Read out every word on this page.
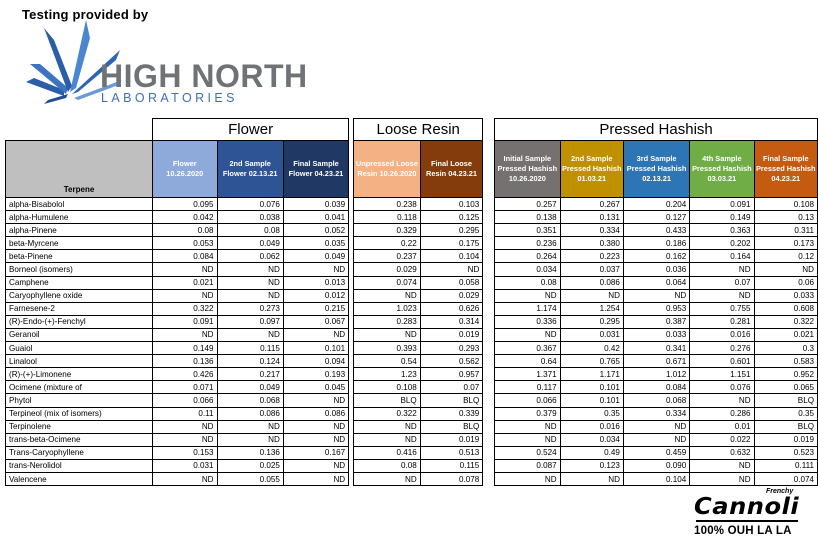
Testing provided by
HIGH NORTH
LABORATORIES
	Flower				Loose Resin			Pressed Hashish				
Terpene	Flower 10.26.2020	2nd Sample Flower 02.13.21	Final Sample Flower 04.23.21		Unpressed Loose Resin 10.26.2020	Final Loose Resin 04.23.21		Initial Sample Pressed Hashish 10.26.2020	2nd Sample Pressed Hashish 01.03.21	3rd Sample Pressed Hashish 02.13.21	4th Sample Pressed Hashish 03.03.21	Final Sample Pressed Hashish 04.23.21
alpha-Bisabolol	0.095	0.076	0.039		0.238	0.103		0.257	0.267	0.204	0.091	0.108
alpha-Humulene	0.042	0.038	0.041		0.118	0.125		0.138	0.131	0.127	0.149	0.13
alpha-Pinene	0.08	0.08	0.052		0.329	0.295		0.351	0.334	0.433	0.363	0.311
beta-Myrcene	0.053	0.049	0.035		0.22	0.175		0.236	0.380	0.186	0.202	0.173
beta-Pinene	0.084	0.062	0.049		0.237	0.104		0.264	0.223	0.162	0.164	0.12
Borneol (isomers)	ND	ND	ND		0.029	ND		0.034	0.037	0.036	ND	ND
Camphene	0.021	ND	0.013		0.074	0.058		0.08	0.086	0.064	0.07	0.06
Caryophyllene oxide	ND	ND	0.012		ND	0.029		ND	ND	ND	ND	0.033
Farnesene-2	0.322	0.273	0.215		1.023	0.626		1.174	1.254	0.953	0.755	0.608
(R)-Endo-(+)-Fenchyl	0.091	0.097	0.067		0.283	0.314		0.336	0.295	0.387	0.281	0.322
Geranoil	ND	ND	ND		ND	0.019		ND	0.031	0.033	0.016	0.021
Guaiol	0.149	0.115	0.101		0.393	0.293		0.367	0.42	0.341	0.276	0.3
Linalool	0.136	0.124	0.094		0.54	0.562		0.64	0.765	0.671	0.601	0.583
(R)-(+)-Limonene	0.426	0.217	0.193		1.23	0.957		1.371	1.171	1.012	1.151	0.952
Ocimene (mixture of	0.071	0.049	0.045		0.108	0.07		0.117	0.101	0.084	0.076	0.065
Phytol	0.066	0.068	ND		BLQ	BLQ		0.066	0.101	0.068	ND	BLQ
Terpineol (mix of isomers)	0.11	0.086	0.086		0.322	0.339		0.379	0.35	0.334	0.286	0.35
Terpinolene	ND	ND	ND		ND	BLQ		ND	0.016	ND	0.01	BLQ
trans-beta-Ocimene	ND	ND	ND		ND	0.019		ND	0.034	ND	0.022	0.019
Trans-Caryophyllene	0.153	0.136	0.167		0.416	0.513		0.524	0.49	0.459	0.632	0.523
trans-Nerolidol	0.031	0.025	ND		0.08	0.115		0.087	0.123	0.090	ND	0.111
Valencene	ND	0.055	ND		ND	0.078		ND	ND	0.104	ND	0.074
Frenchy
Cannoli
100% OUH LA LA
